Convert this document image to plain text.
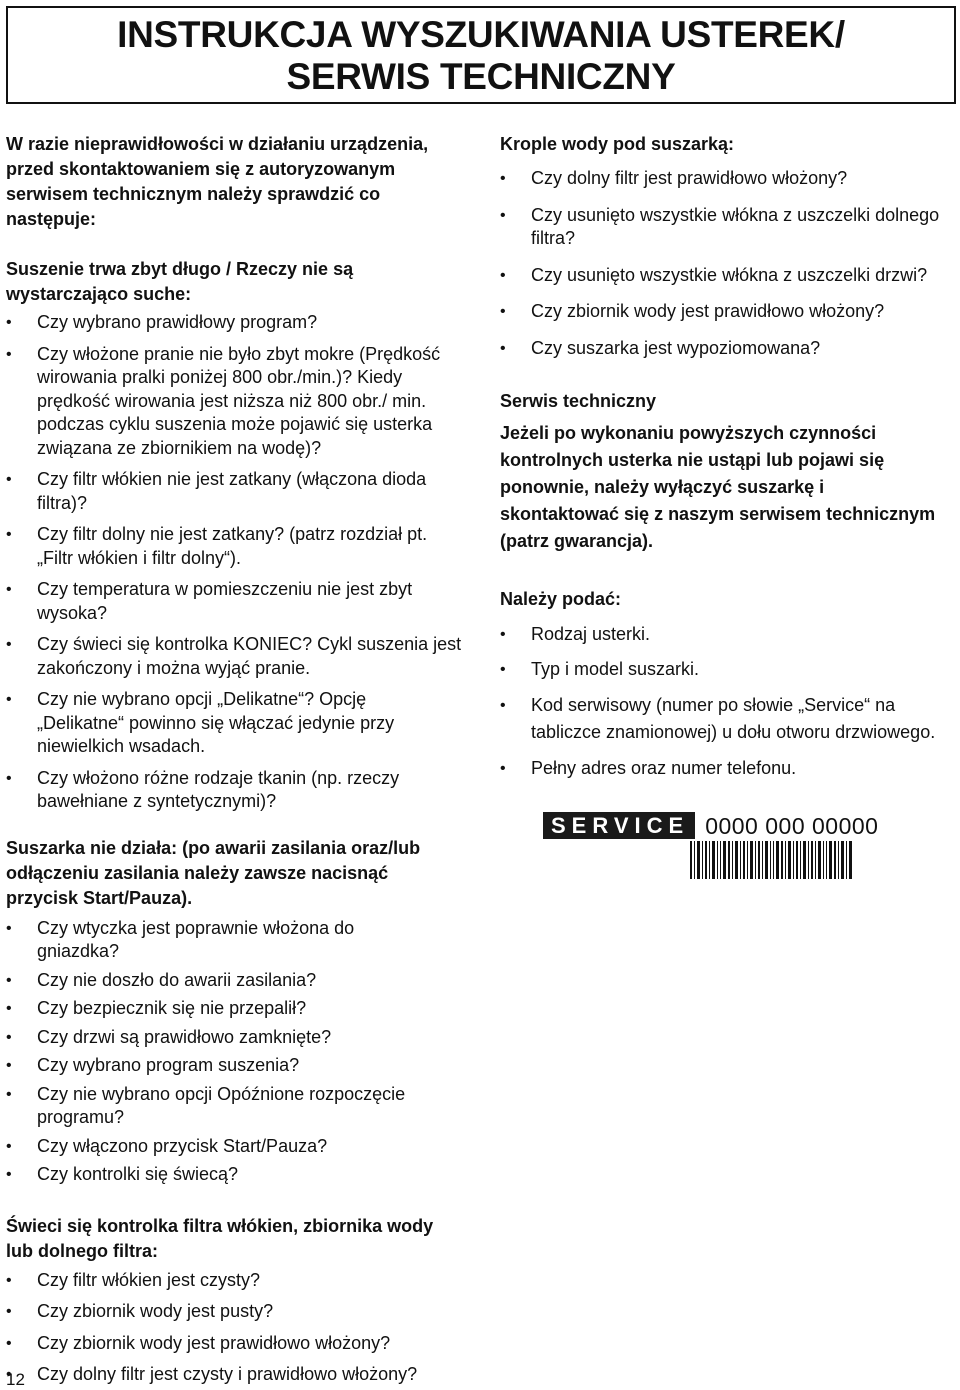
INSTRUKCJA WYSZUKIWANIA USTEREK/
SERWIS TECHNICZNY

W razie nieprawidłowości w działaniu urządzenia, przed skontaktowaniem się z autoryzowanym serwisem technicznym należy sprawdzić co następuje:

Suszenie trwa zbyt długo / Rzeczy nie są wystarczająco suche:

• Czy wybrano prawidłowy program?
• Czy włożone pranie nie było zbyt mokre (Prędkość wirowania pralki poniżej 800 obr./min.)? Kiedy prędkość wirowania jest niższa niż 800 obr./ min. podczas cyklu suszenia może pojawić się usterka związana ze zbiornikiem na wodę)?
• Czy filtr włókien nie jest zatkany (włączona dioda filtra)?
• Czy filtr dolny nie jest zatkany? (patrz rozdział pt. „Filtr włókien i filtr dolny“).
• Czy temperatura w pomieszczeniu nie jest zbyt wysoka?
• Czy świeci się kontrolka KONIEC? Cykl suszenia jest zakończony i można wyjąć pranie.
• Czy nie wybrano opcji „Delikatne“? Opcję „Delikatne“ powinno się włączać jedynie przy niewielkich wsadach.
• Czy włożono różne rodzaje tkanin (np. rzeczy bawełniane z syntetycznymi)?

Suszarka nie działa: (po awarii zasilania oraz/lub odłączeniu zasilania należy zawsze nacisnąć przycisk Start/Pauza).

• Czy wtyczka jest poprawnie włożona do gniazdka?
• Czy nie doszło do awarii zasilania?
• Czy bezpiecznik się nie przepalił?
• Czy drzwi są prawidłowo zamknięte?
• Czy wybrano program suszenia?
• Czy nie wybrano opcji Opóźnione rozpoczęcie programu?
• Czy włączono przycisk Start/Pauza?
• Czy kontrolki się świecą?

Świeci się kontrolka filtra włókien, zbiornika wody lub dolnego filtra:

• Czy filtr włókien jest czysty?
• Czy zbiornik wody jest pusty?
• Czy zbiornik wody jest prawidłowo włożony?
• Czy dolny filtr jest czysty i prawidłowo włożony?

Krople wody pod suszarką:

• Czy dolny filtr jest prawidłowo włożony?
• Czy usunięto wszystkie włókna z uszczelki dolnego filtra?
• Czy usunięto wszystkie włókna z uszczelki drzwi?
• Czy zbiornik wody jest prawidłowo włożony?
• Czy suszarka jest wypoziomowana?

Serwis techniczny

Jeżeli po wykonaniu powyższych czynności kontrolnych usterka nie ustąpi lub pojawi się ponownie, należy wyłączyć suszarkę i skontaktować się z naszym serwisem technicznym (patrz gwarancja).

Należy podać:

• Rodzaj usterki.
• Typ i model suszarki.
• Kod serwisowy (numer po słowie „Service“ na tabliczce znamionowej) u dołu otworu drzwiowego.
• Pełny adres oraz numer telefonu.
SERVICE 0000 000 00000
12
